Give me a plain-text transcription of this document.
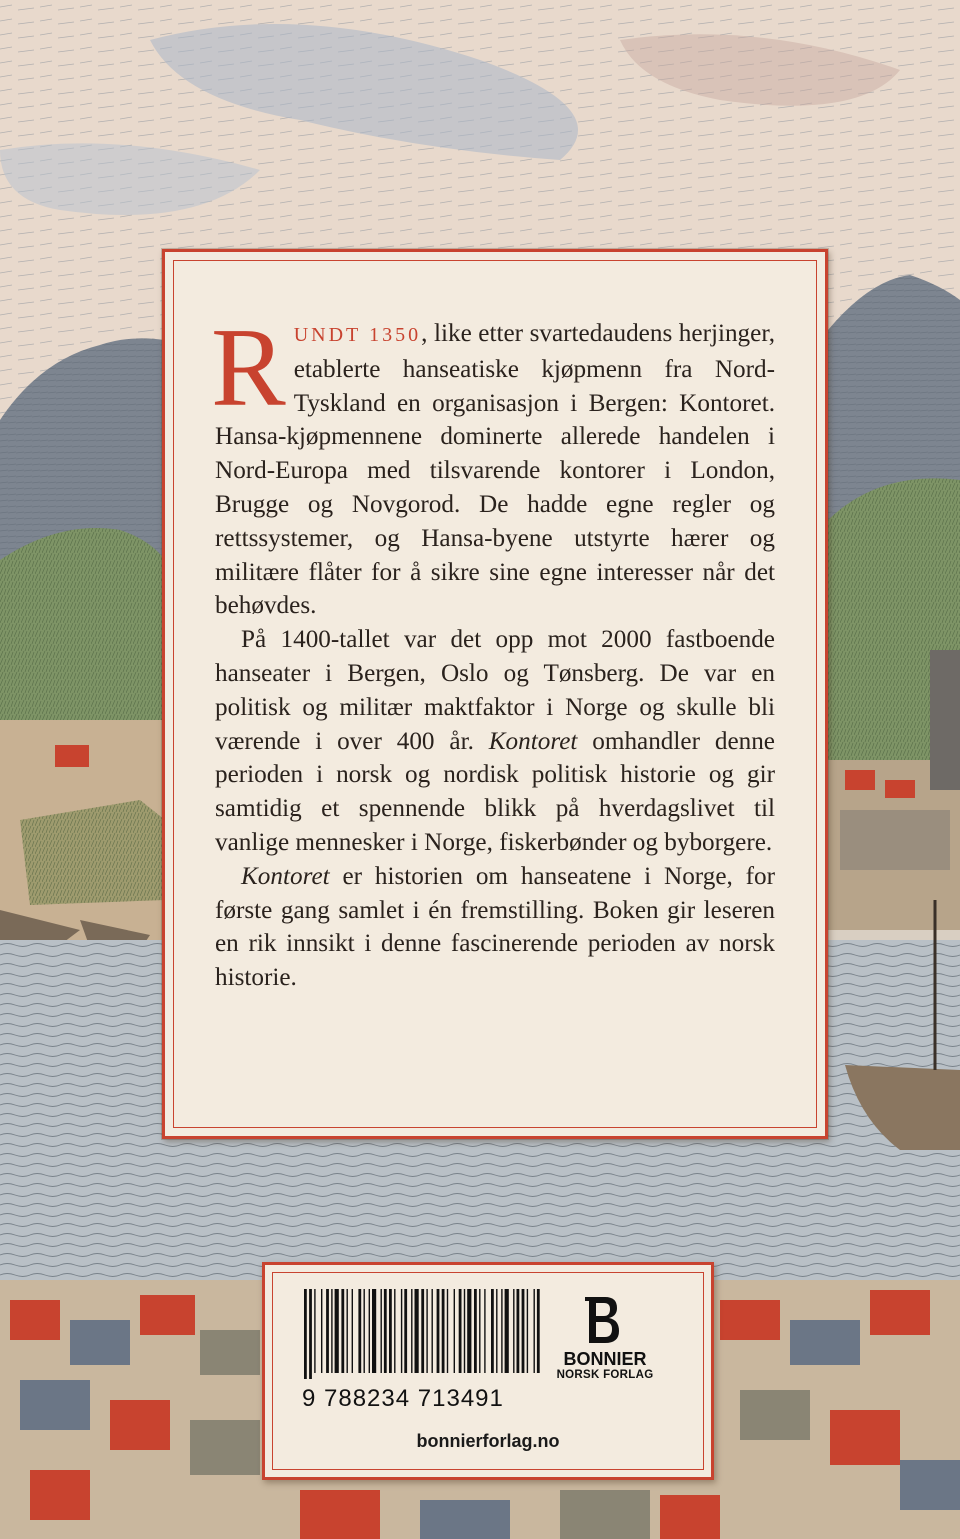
RUNDT 1350, like etter svartedaudens herjinger, etablerte hanseatiske kjøpmenn fra Nord-Tyskland en organisasjon i Bergen: Kontoret. Hansa-kjøpmennene dominerte allerede handelen i Nord-Europa med tilsvarende kontorer i London, Brugge og Novgorod. De hadde egne regler og rettssystemer, og Hansa-byene utstyrte hærer og militære flåter for å sikre sine egne interesser når det behøvdes.

På 1400-tallet var det opp mot 2000 fastboende hanseater i Bergen, Oslo og Tønsberg. De var en politisk og militær maktfaktor i Norge og skulle bli værende i over 400 år. Kontoret omhandler denne perioden i norsk og nordisk politisk historie og gir samtidig et spennende blikk på hverdagslivet til vanlige mennesker i Norge, fiskerbønder og byborgere.

Kontoret er historien om hanseatene i Norge, for første gang samlet i én fremstilling. Boken gir leseren en rik innsikt i denne fascinerende perioden av norsk historie.

9 788234 713491
BONNIER
NORSK FORLAG
bonnierforlag.no
